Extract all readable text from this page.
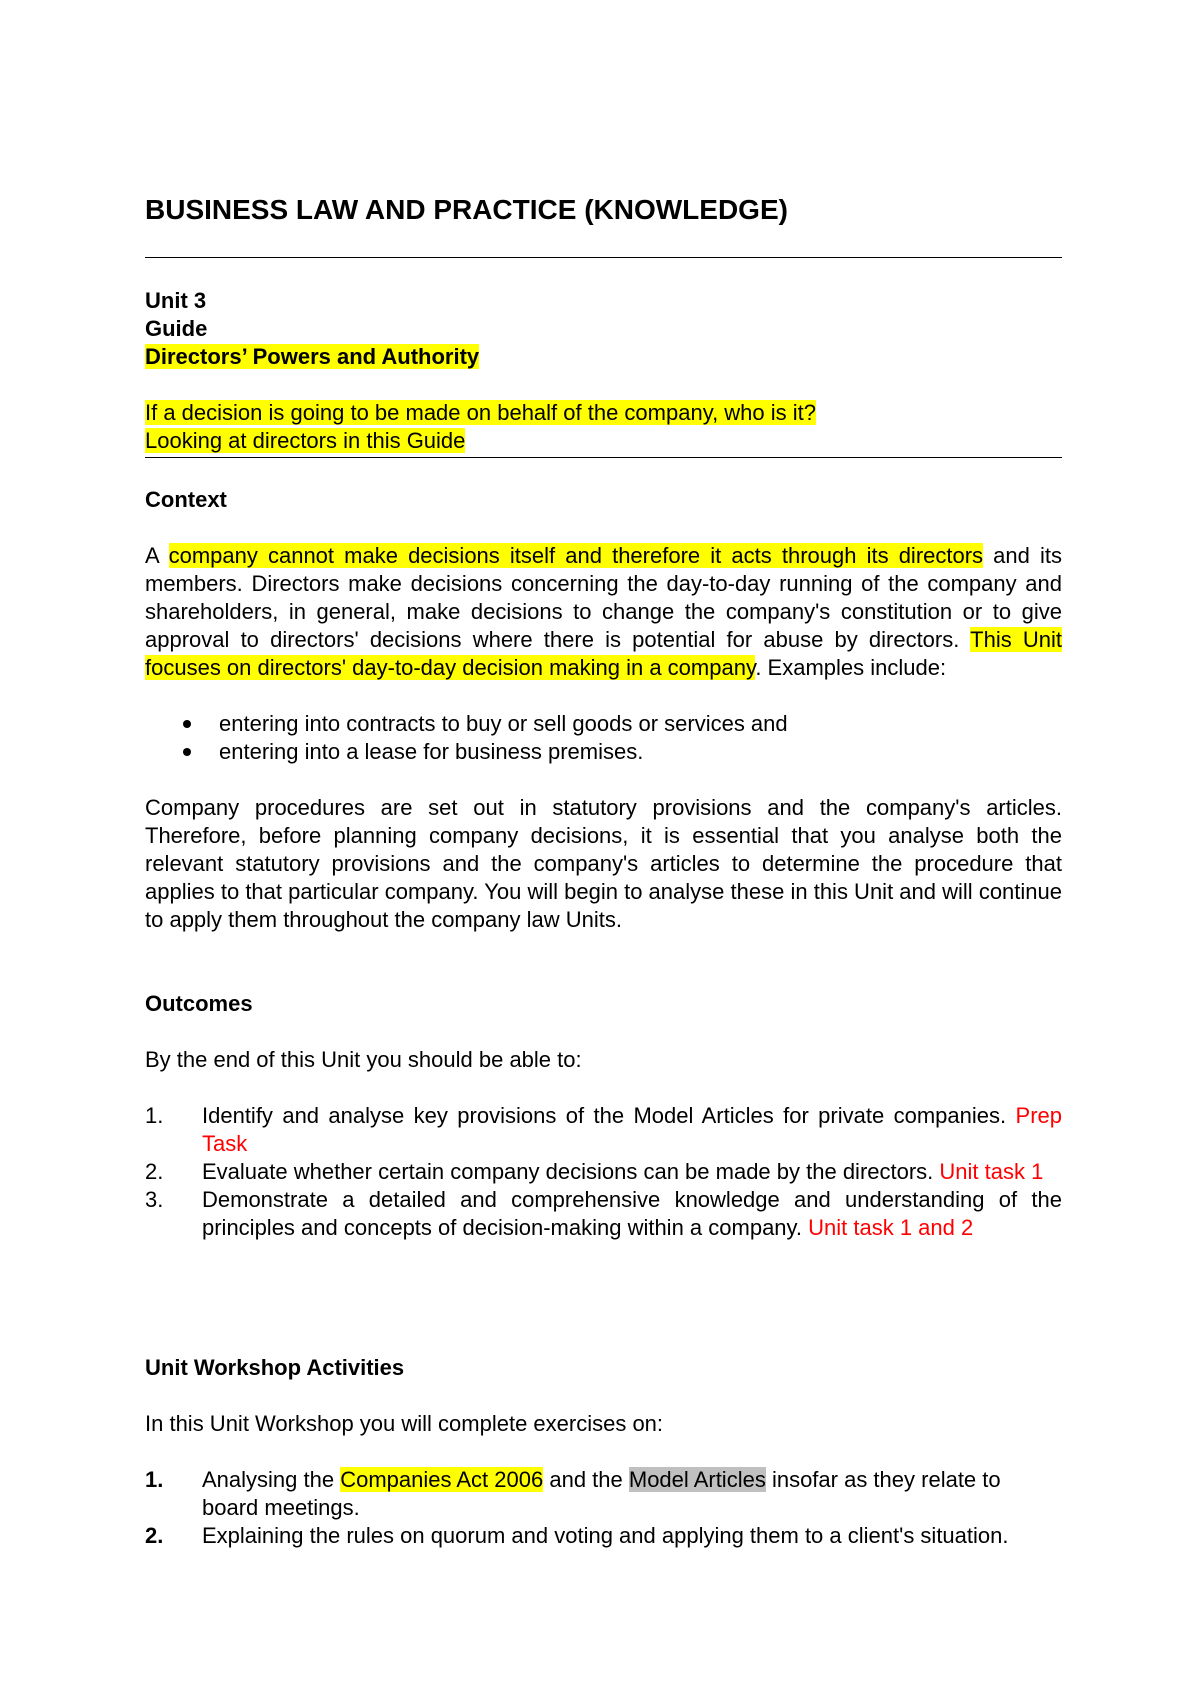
BUSINESS LAW AND PRACTICE (KNOWLEDGE)
Unit 3
Guide
Directors’ Powers and Authority
If a decision is going to be made on behalf of the company, who is it?
Looking at directors in this Guide
Context

A company cannot make decisions itself and therefore it acts through its directors and its members. Directors make decisions concerning the day-to-day running of the company and shareholders, in general, make decisions to change the company's constitution or to give approval to directors' decisions where there is potential for abuse by directors. This Unit focuses on directors' day-to-day decision making in a company. Examples include:

entering into contracts to buy or sell goods or services and
entering into a lease for business premises.

Company procedures are set out in statutory provisions and the company's articles. Therefore, before planning company decisions, it is essential that you analyse both the relevant statutory provisions and the company's articles to determine the procedure that applies to that particular company. You will begin to analyse these in this Unit and will continue to apply them throughout the company law Units.

Outcomes
By the end of this Unit you should be able to:
1. Identify and analyse key provisions of the Model Articles for private companies. Prep Task
2. Evaluate whether certain company decisions can be made by the directors. Unit task 1
3. Demonstrate a detailed and comprehensive knowledge and understanding of the principles and concepts of decision-making within a company. Unit task 1 and 2
Unit Workshop Activities
In this Unit Workshop you will complete exercises on:
1. Analysing the Companies Act 2006 and the Model Articles insofar as they relate to board meetings.
2. Explaining the rules on quorum and voting and applying them to a client's situation.
